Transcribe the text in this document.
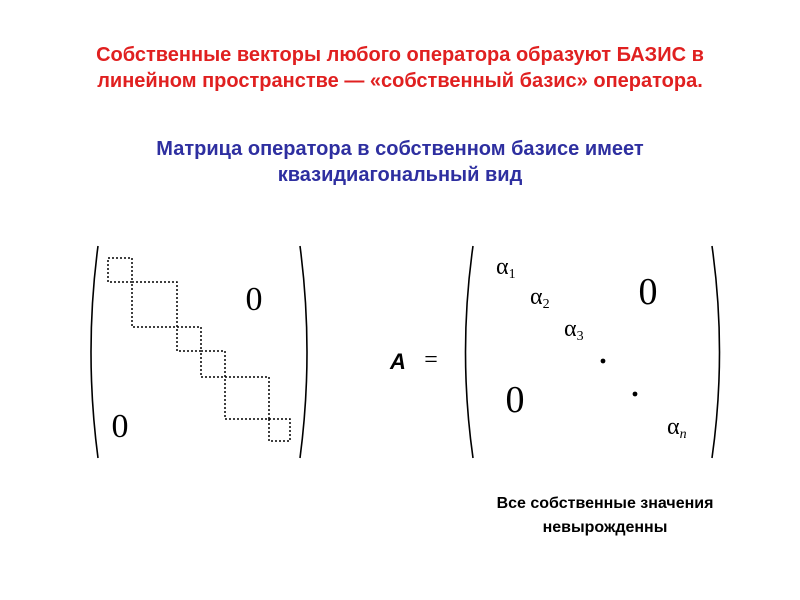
Собственные векторы любого оператора образуют БАЗИС в
линейном пространстве — «собственный базис» оператора.
Матрица оператора в собственном базисе имеет
квазидиагональный вид
0
0
A =
α1
α2
α3
αn
0
0
Все собственные значения
невырожденны
